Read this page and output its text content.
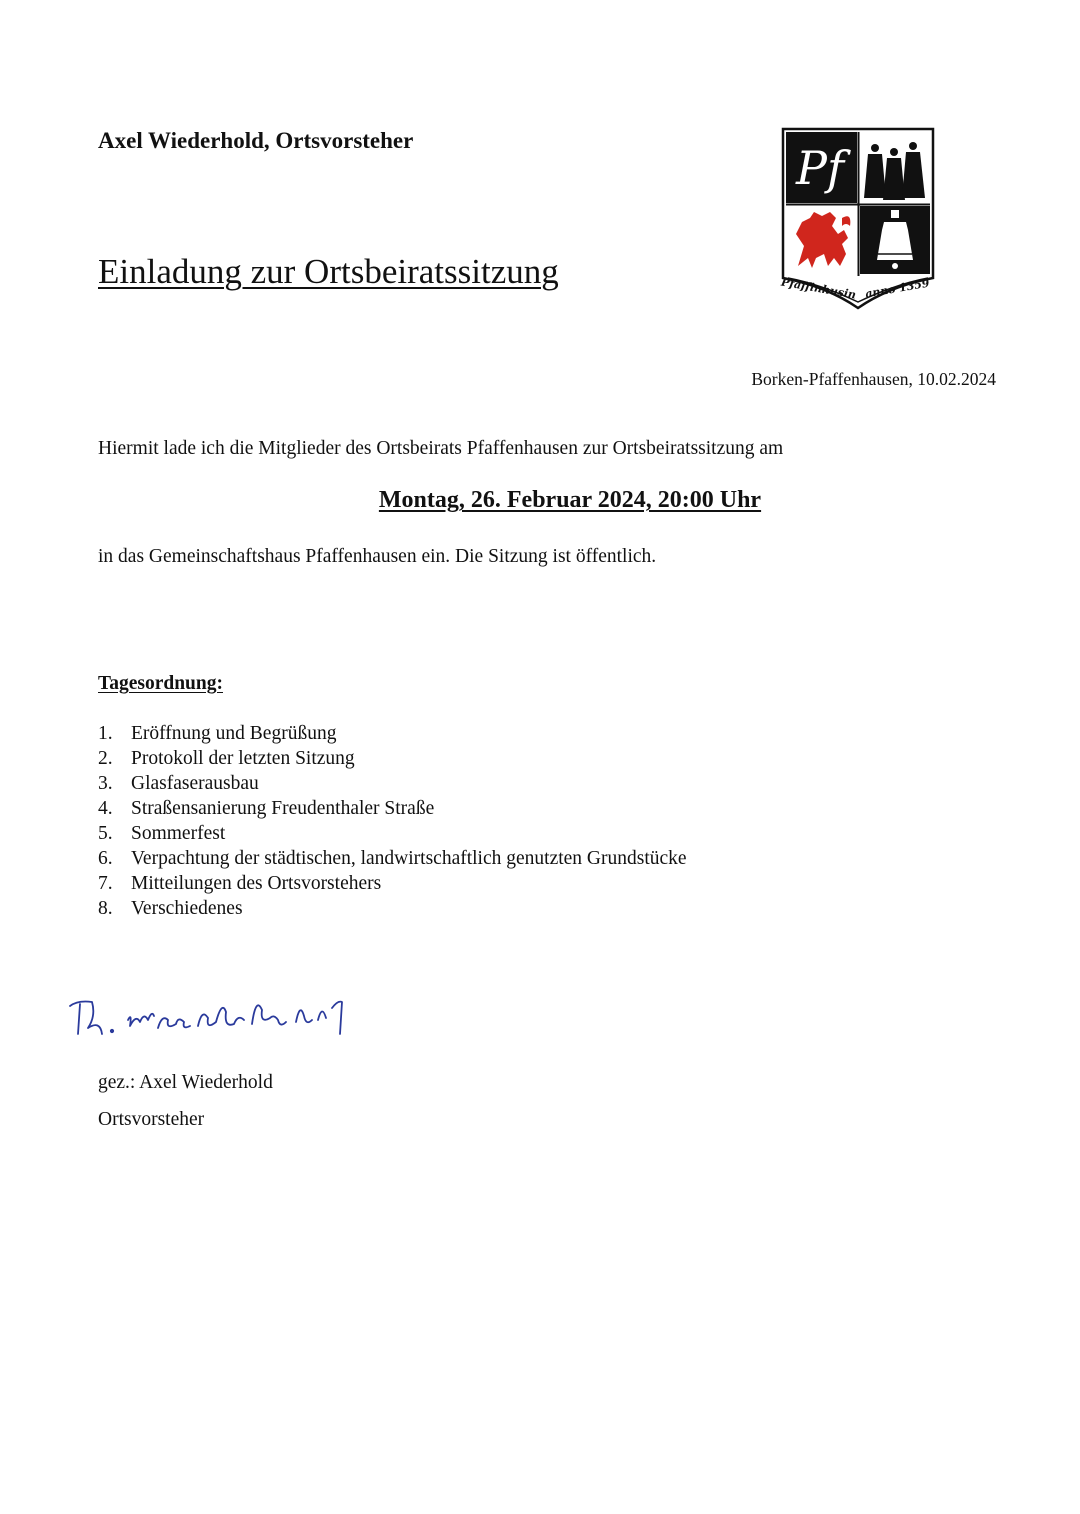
Axel Wiederhold, Ortsvorsteher
Einladung zur Ortsbeiratssitzung
Pf
Pfaffinhusin anno 1359
Borken-Pfaffenhausen, 10.02.2024
Hiermit lade ich die Mitglieder des Ortsbeirats Pfaffenhausen zur Ortsbeiratssitzung am
Montag, 26. Februar 2024, 20:00 Uhr
in das Gemeinschaftshaus Pfaffenhausen ein. Die Sitzung ist öffentlich.
Tagesordnung:
1. Eröffnung und Begrüßung
2. Protokoll der letzten Sitzung
3. Glasfaserausbau
4. Straßensanierung Freudenthaler Straße
5. Sommerfest
6. Verpachtung der städtischen, landwirtschaftlich genutzten Grundstücke
7. Mitteilungen des Ortsvorstehers
8. Verschiedenes
gez.: Axel Wiederhold
Ortsvorsteher
